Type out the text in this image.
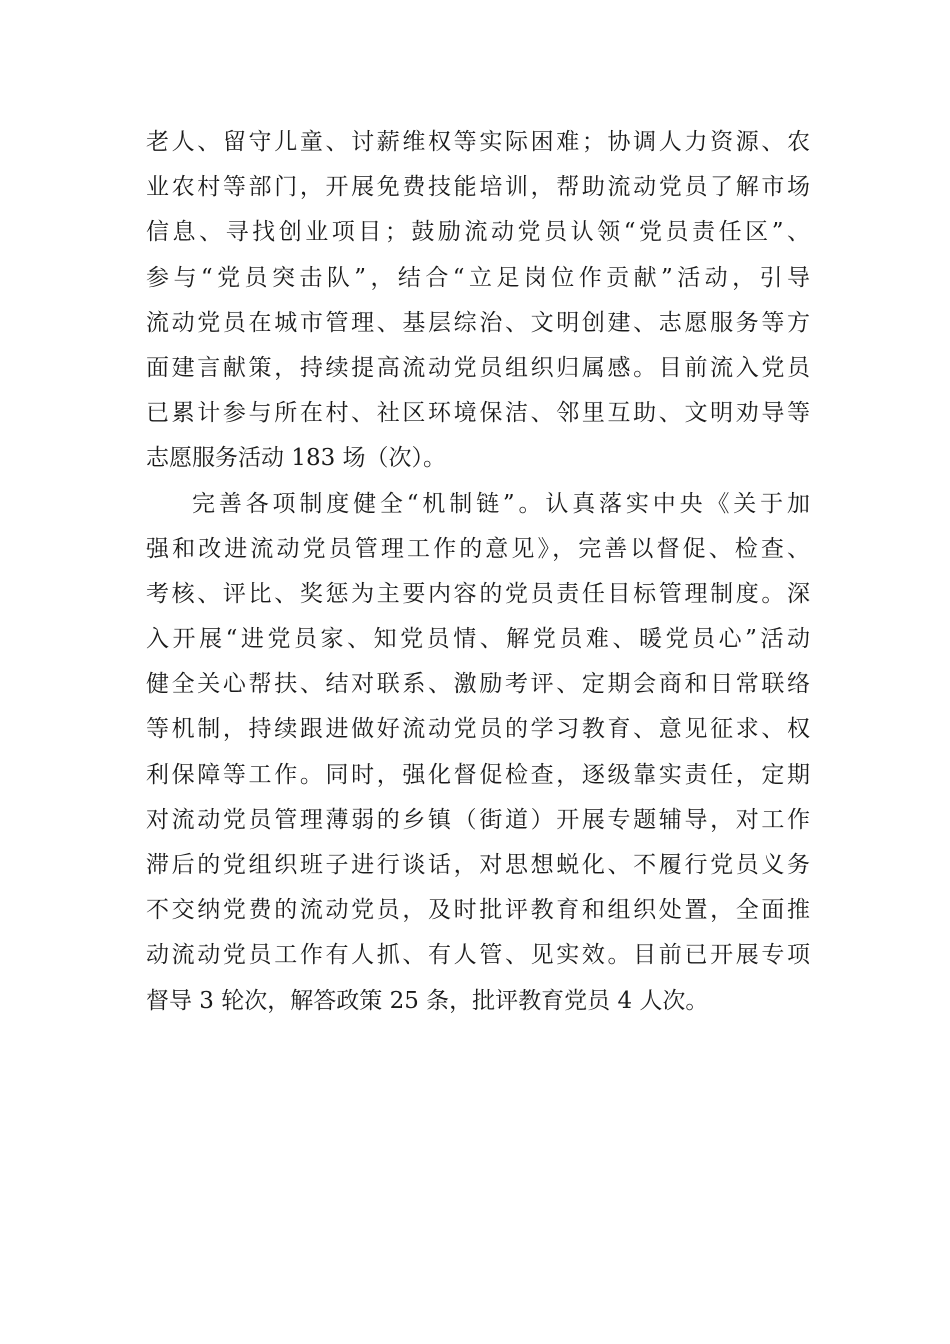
老人、留守儿童、讨薪维权等实际困难；协调人力资源、农
业农村等部门，开展免费技能培训，帮助流动党员了解市场
信息、寻找创业项目；鼓励流动党员认领“党员责任区”、
参与“党员突击队”，结合“立足岗位作贡献”活动，引导
流动党员在城市管理、基层综治、文明创建、志愿服务等方
面建言献策，持续提高流动党员组织归属感。目前流入党员
已累计参与所在村、社区环境保洁、邻里互助、文明劝导等
志愿服务活动 183 场（次）。
完善各项制度健全“机制链”。认真落实中央《关于加
强和改进流动党员管理工作的意见》，完善以督促、检查、
考核、评比、奖惩为主要内容的党员责任目标管理制度。深
入开展“进党员家、知党员情、解党员难、暖党员心”活动
健全关心帮扶、结对联系、激励考评、定期会商和日常联络
等机制，持续跟进做好流动党员的学习教育、意见征求、权
利保障等工作。同时，强化督促检查，逐级靠实责任，定期
对流动党员管理薄弱的乡镇（街道）开展专题辅导，对工作
滞后的党组织班子进行谈话，对思想蜕化、不履行党员义务
不交纳党费的流动党员，及时批评教育和组织处置，全面推
动流动党员工作有人抓、有人管、见实效。目前已开展专项
督导 3 轮次，解答政策 25 条，批评教育党员 4 人次。
